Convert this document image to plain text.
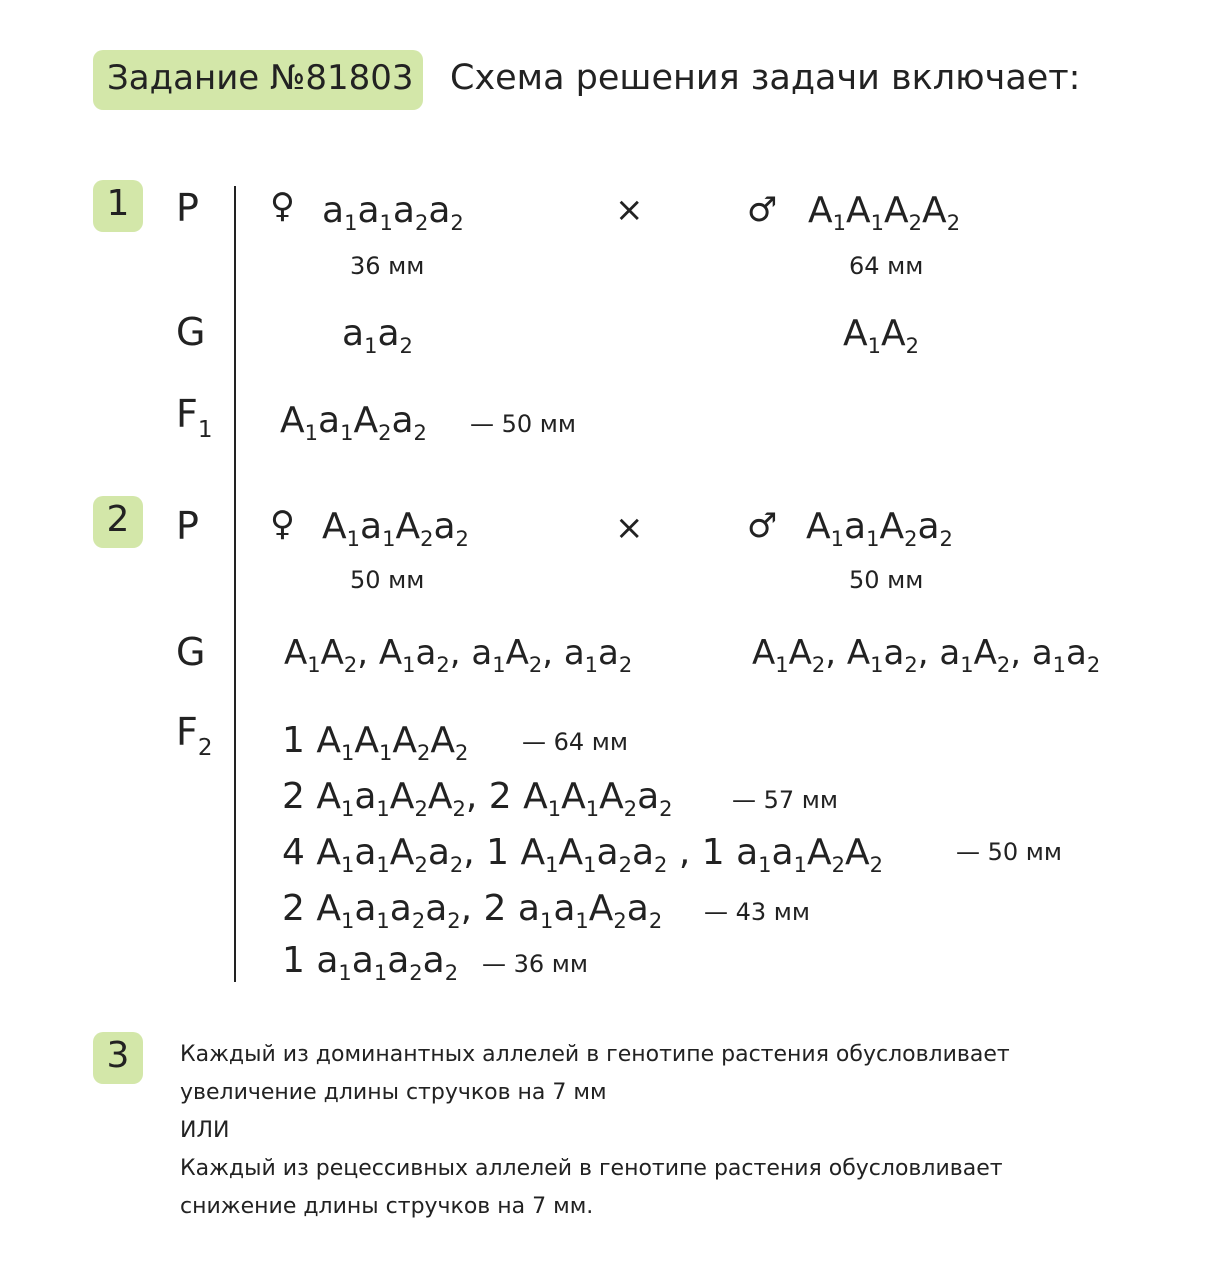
Задание №81803 Схема решения задачи включает:
1
2
3
P ♀ $a_1a_1a_2a_2$
36 мм
×	♂ $A_1A_1A_2A_2$
64 мм
G	$a_1a_2$	$A_1A_2$
$F_1$ $A_1a_1A_2a_2$ — 50 мм
P ♀ $A_1a_1A_2a_2$
50 мм
×	♂ $A_1a_1A_2a_2$
50 мм
G $A_1A_2$, $A_1a_2$, $a_1A_2$, $a_1a_2$	$A_1A_2$, $A_1a_2$, $a_1A_2$, $a_1a_2$
$F_2$ 1 $A_1A_1A_2A_2$ — 64 мм
2 $A_1a_1A_2A_2$, 2 $A_1A_1A_2a_2$ — 57 мм
4 $A_1a_1A_2a_2$, 1 $A_1A_1a_2a_2$ , 1 $a_1a_1A_2A_2$	— 50 мм
2 $A_1a_1a_2a_2$, 2 $a_1a_1A_2a_2$ — 43 мм
1 $a_1a_1a_2a_2$ — 36 мм
Каждый из доминантных аллелей в генотипе растения обусловливает
увеличение длины стручков на 7 мм
ИЛИ
Каждый из рецессивных аллелей в генотипе растения обусловливает
снижение длины стручков на 7 мм.
